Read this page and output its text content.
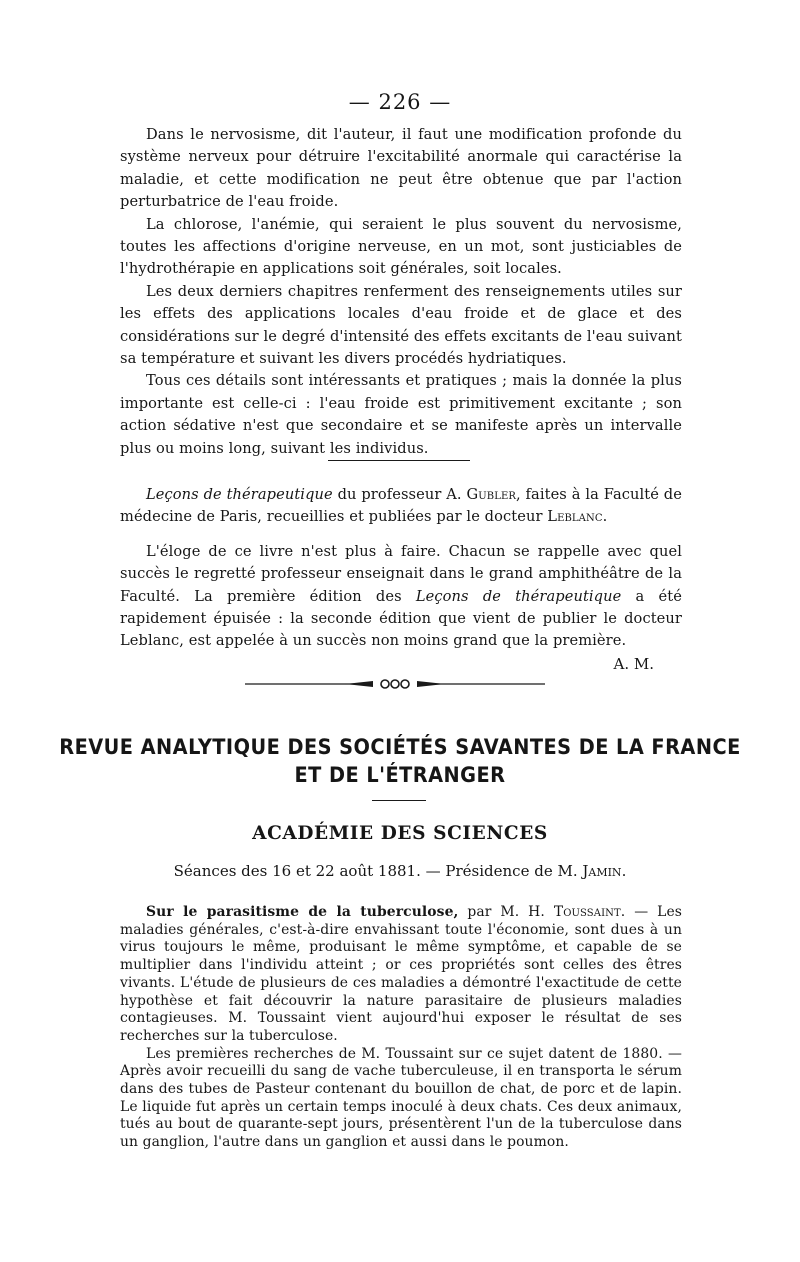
— 226 —

Dans le nervosisme, dit l'auteur, il faut une modification profonde du système nerveux pour détruire l'excitabilité anormale qui caractérise la maladie, et cette modification ne peut être obtenue que par l'action perturbatrice de l'eau froide.

La chlorose, l'anémie, qui seraient le plus souvent du nervosisme, toutes les affections d'origine nerveuse, en un mot, sont justiciables de l'hydrothérapie en applications soit générales, soit locales.

Les deux derniers chapitres renferment des renseignements utiles sur les effets des applications locales d'eau froide et de glace et des considérations sur le degré d'intensité des effets excitants de l'eau suivant sa température et suivant les divers procédés hydriatiques.

Tous ces détails sont intéressants et pratiques ; mais la donnée la plus importante est celle-ci : l'eau froide est primitivement excitante ; son action sédative n'est que secondaire et se manifeste après un intervalle plus ou moins long, suivant les individus.

Leçons de thérapeutique du professeur A. Gubler, faites à la Faculté de médecine de Paris, recueillies et publiées par le docteur Leblanc.

L'éloge de ce livre n'est plus à faire. Chacun se rappelle avec quel succès le regretté professeur enseignait dans le grand amphithéâtre de la Faculté. La première édition des Leçons de thérapeutique a été rapidement épuisée : la seconde édition que vient de publier le docteur Leblanc, est appelée à un succès non moins grand que la première.

A. M.

REVUE ANALYTIQUE DES SOCIÉTÉS SAVANTES DE LA FRANCE
ET DE L'ÉTRANGER
ACADÉMIE DES SCIENCES

Séances des 16 et 22 août 1881. — Présidence de M. Jamin.

Sur le parasitisme de la tuberculose, par M. H. Toussaint. — Les maladies générales, c'est-à-dire envahissant toute l'économie, sont dues à un virus toujours le même, produisant le même symptôme, et capable de se multiplier dans l'individu atteint ; or ces propriétés sont celles des êtres vivants. L'étude de plusieurs de ces maladies a démontré l'exactitude de cette hypothèse et fait découvrir la nature parasitaire de plusieurs maladies contagieuses. M. Toussaint vient aujourd'hui exposer le résultat de ses recherches sur la tuberculose.

Les premières recherches de M. Toussaint sur ce sujet datent de 1880. — Après avoir recueilli du sang de vache tuberculeuse, il en transporta le sérum dans des tubes de Pasteur contenant du bouillon de chat, de porc et de lapin. Le liquide fut après un certain temps inoculé à deux chats. Ces deux animaux, tués au bout de quarante-sept jours, présentèrent l'un de la tuberculose dans un ganglion, l'autre dans un ganglion et aussi dans le poumon.
